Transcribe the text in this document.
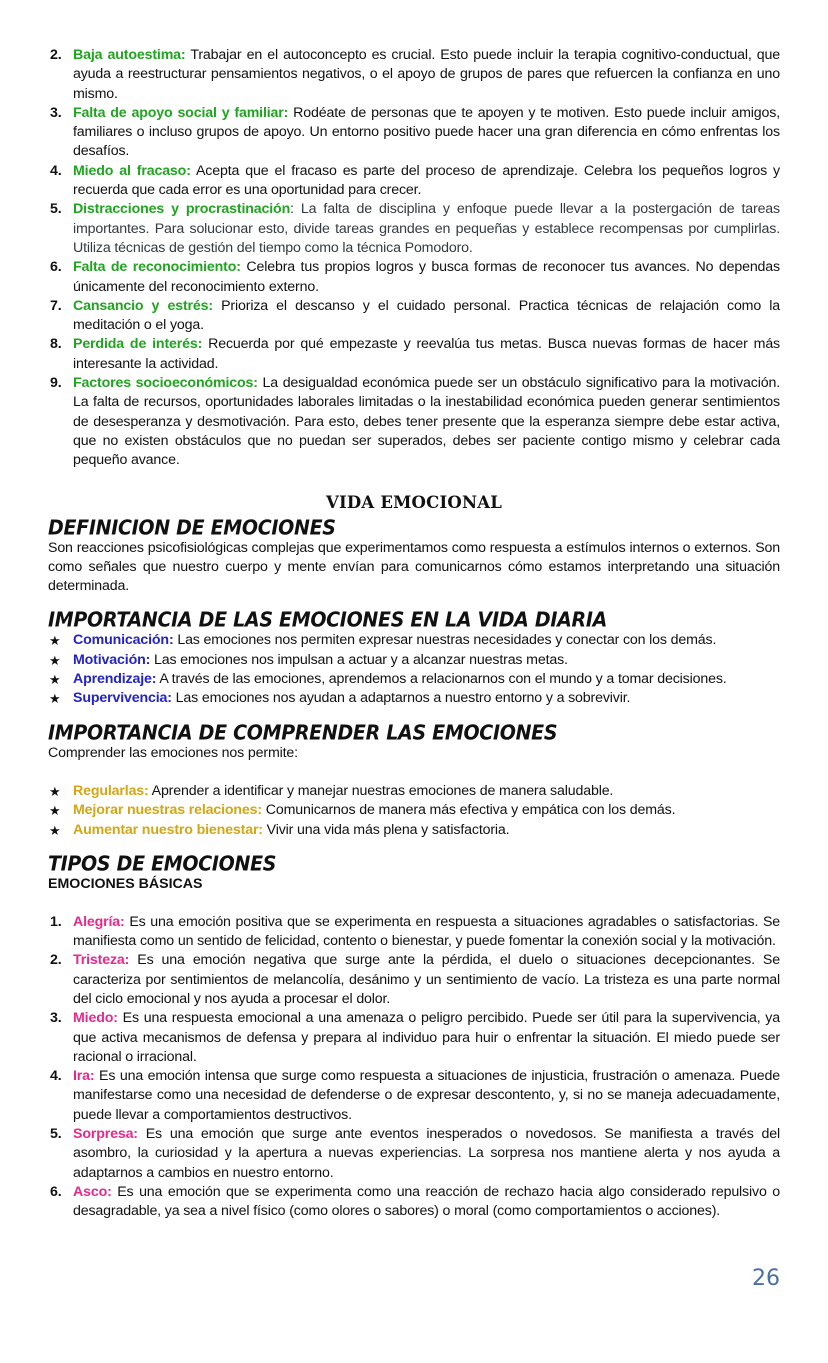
2. Baja autoestima: Trabajar en el autoconcepto es crucial. Esto puede incluir la terapia cognitivo-conductual, que ayuda a reestructurar pensamientos negativos, o el apoyo de grupos de pares que refuercen la confianza en uno mismo.
3. Falta de apoyo social y familiar: Rodéate de personas que te apoyen y te motiven. Esto puede incluir amigos, familiares o incluso grupos de apoyo. Un entorno positivo puede hacer una gran diferencia en cómo enfrentas los desafíos.
4. Miedo al fracaso: Acepta que el fracaso es parte del proceso de aprendizaje. Celebra los pequeños logros y recuerda que cada error es una oportunidad para crecer.
5. Distracciones y procrastinación: La falta de disciplina y enfoque puede llevar a la postergación de tareas importantes. Para solucionar esto, divide tareas grandes en pequeñas y establece recompensas por cumplirlas. Utiliza técnicas de gestión del tiempo como la técnica Pomodoro.
6. Falta de reconocimiento: Celebra tus propios logros y busca formas de reconocer tus avances. No dependas únicamente del reconocimiento externo.
7. Cansancio y estrés: Prioriza el descanso y el cuidado personal. Practica técnicas de relajación como la meditación o el yoga.
8. Perdida de interés: Recuerda por qué empezaste y reevalúa tus metas. Busca nuevas formas de hacer más interesante la actividad.
9. Factores socioeconómicos: La desigualdad económica puede ser un obstáculo significativo para la motivación. La falta de recursos, oportunidades laborales limitadas o la inestabilidad económica pueden generar sentimientos de desesperanza y desmotivación. Para esto, debes tener presente que la esperanza siempre debe estar activa, que no existen obstáculos que no puedan ser superados, debes ser paciente contigo mismo y celebrar cada pequeño avance.
VIDA EMOCIONAL
DEFINICION DE EMOCIONES

Son reacciones psicofisiológicas complejas que experimentamos como respuesta a estímulos internos o externos. Son como señales que nuestro cuerpo y mente envían para comunicarnos cómo estamos interpretando una situación determinada.

IMPORTANCIA DE LAS EMOCIONES EN LA VIDA DIARIA
★ Comunicación: Las emociones nos permiten expresar nuestras necesidades y conectar con los demás.
★ Motivación: Las emociones nos impulsan a actuar y a alcanzar nuestras metas.
★ Aprendizaje: A través de las emociones, aprendemos a relacionarnos con el mundo y a tomar decisiones.
★ Supervivencia: Las emociones nos ayudan a adaptarnos a nuestro entorno y a sobrevivir.
IMPORTANCIA DE COMPRENDER LAS EMOCIONES

Comprender las emociones nos permite:

★ Regularlas: Aprender a identificar y manejar nuestras emociones de manera saludable.
★ Mejorar nuestras relaciones: Comunicarnos de manera más efectiva y empática con los demás.
★ Aumentar nuestro bienestar: Vivir una vida más plena y satisfactoria.
TIPOS DE EMOCIONES
EMOCIONES BÁSICAS
1. Alegría: Es una emoción positiva que se experimenta en respuesta a situaciones agradables o satisfactorias. Se manifiesta como un sentido de felicidad, contento o bienestar, y puede fomentar la conexión social y la motivación.
2. Tristeza: Es una emoción negativa que surge ante la pérdida, el duelo o situaciones decepcionantes. Se caracteriza por sentimientos de melancolía, desánimo y un sentimiento de vacío. La tristeza es una parte normal del ciclo emocional y nos ayuda a procesar el dolor.
3. Miedo: Es una respuesta emocional a una amenaza o peligro percibido. Puede ser útil para la supervivencia, ya que activa mecanismos de defensa y prepara al individuo para huir o enfrentar la situación. El miedo puede ser racional o irracional.
4. Ira: Es una emoción intensa que surge como respuesta a situaciones de injusticia, frustración o amenaza. Puede manifestarse como una necesidad de defenderse o de expresar descontento, y, si no se maneja adecuadamente, puede llevar a comportamientos destructivos.
5. Sorpresa: Es una emoción que surge ante eventos inesperados o novedosos. Se manifiesta a través del asombro, la curiosidad y la apertura a nuevas experiencias. La sorpresa nos mantiene alerta y nos ayuda a adaptarnos a cambios en nuestro entorno.
6. Asco: Es una emoción que se experimenta como una reacción de rechazo hacia algo considerado repulsivo o desagradable, ya sea a nivel físico (como olores o sabores) o moral (como comportamientos o acciones).
26
